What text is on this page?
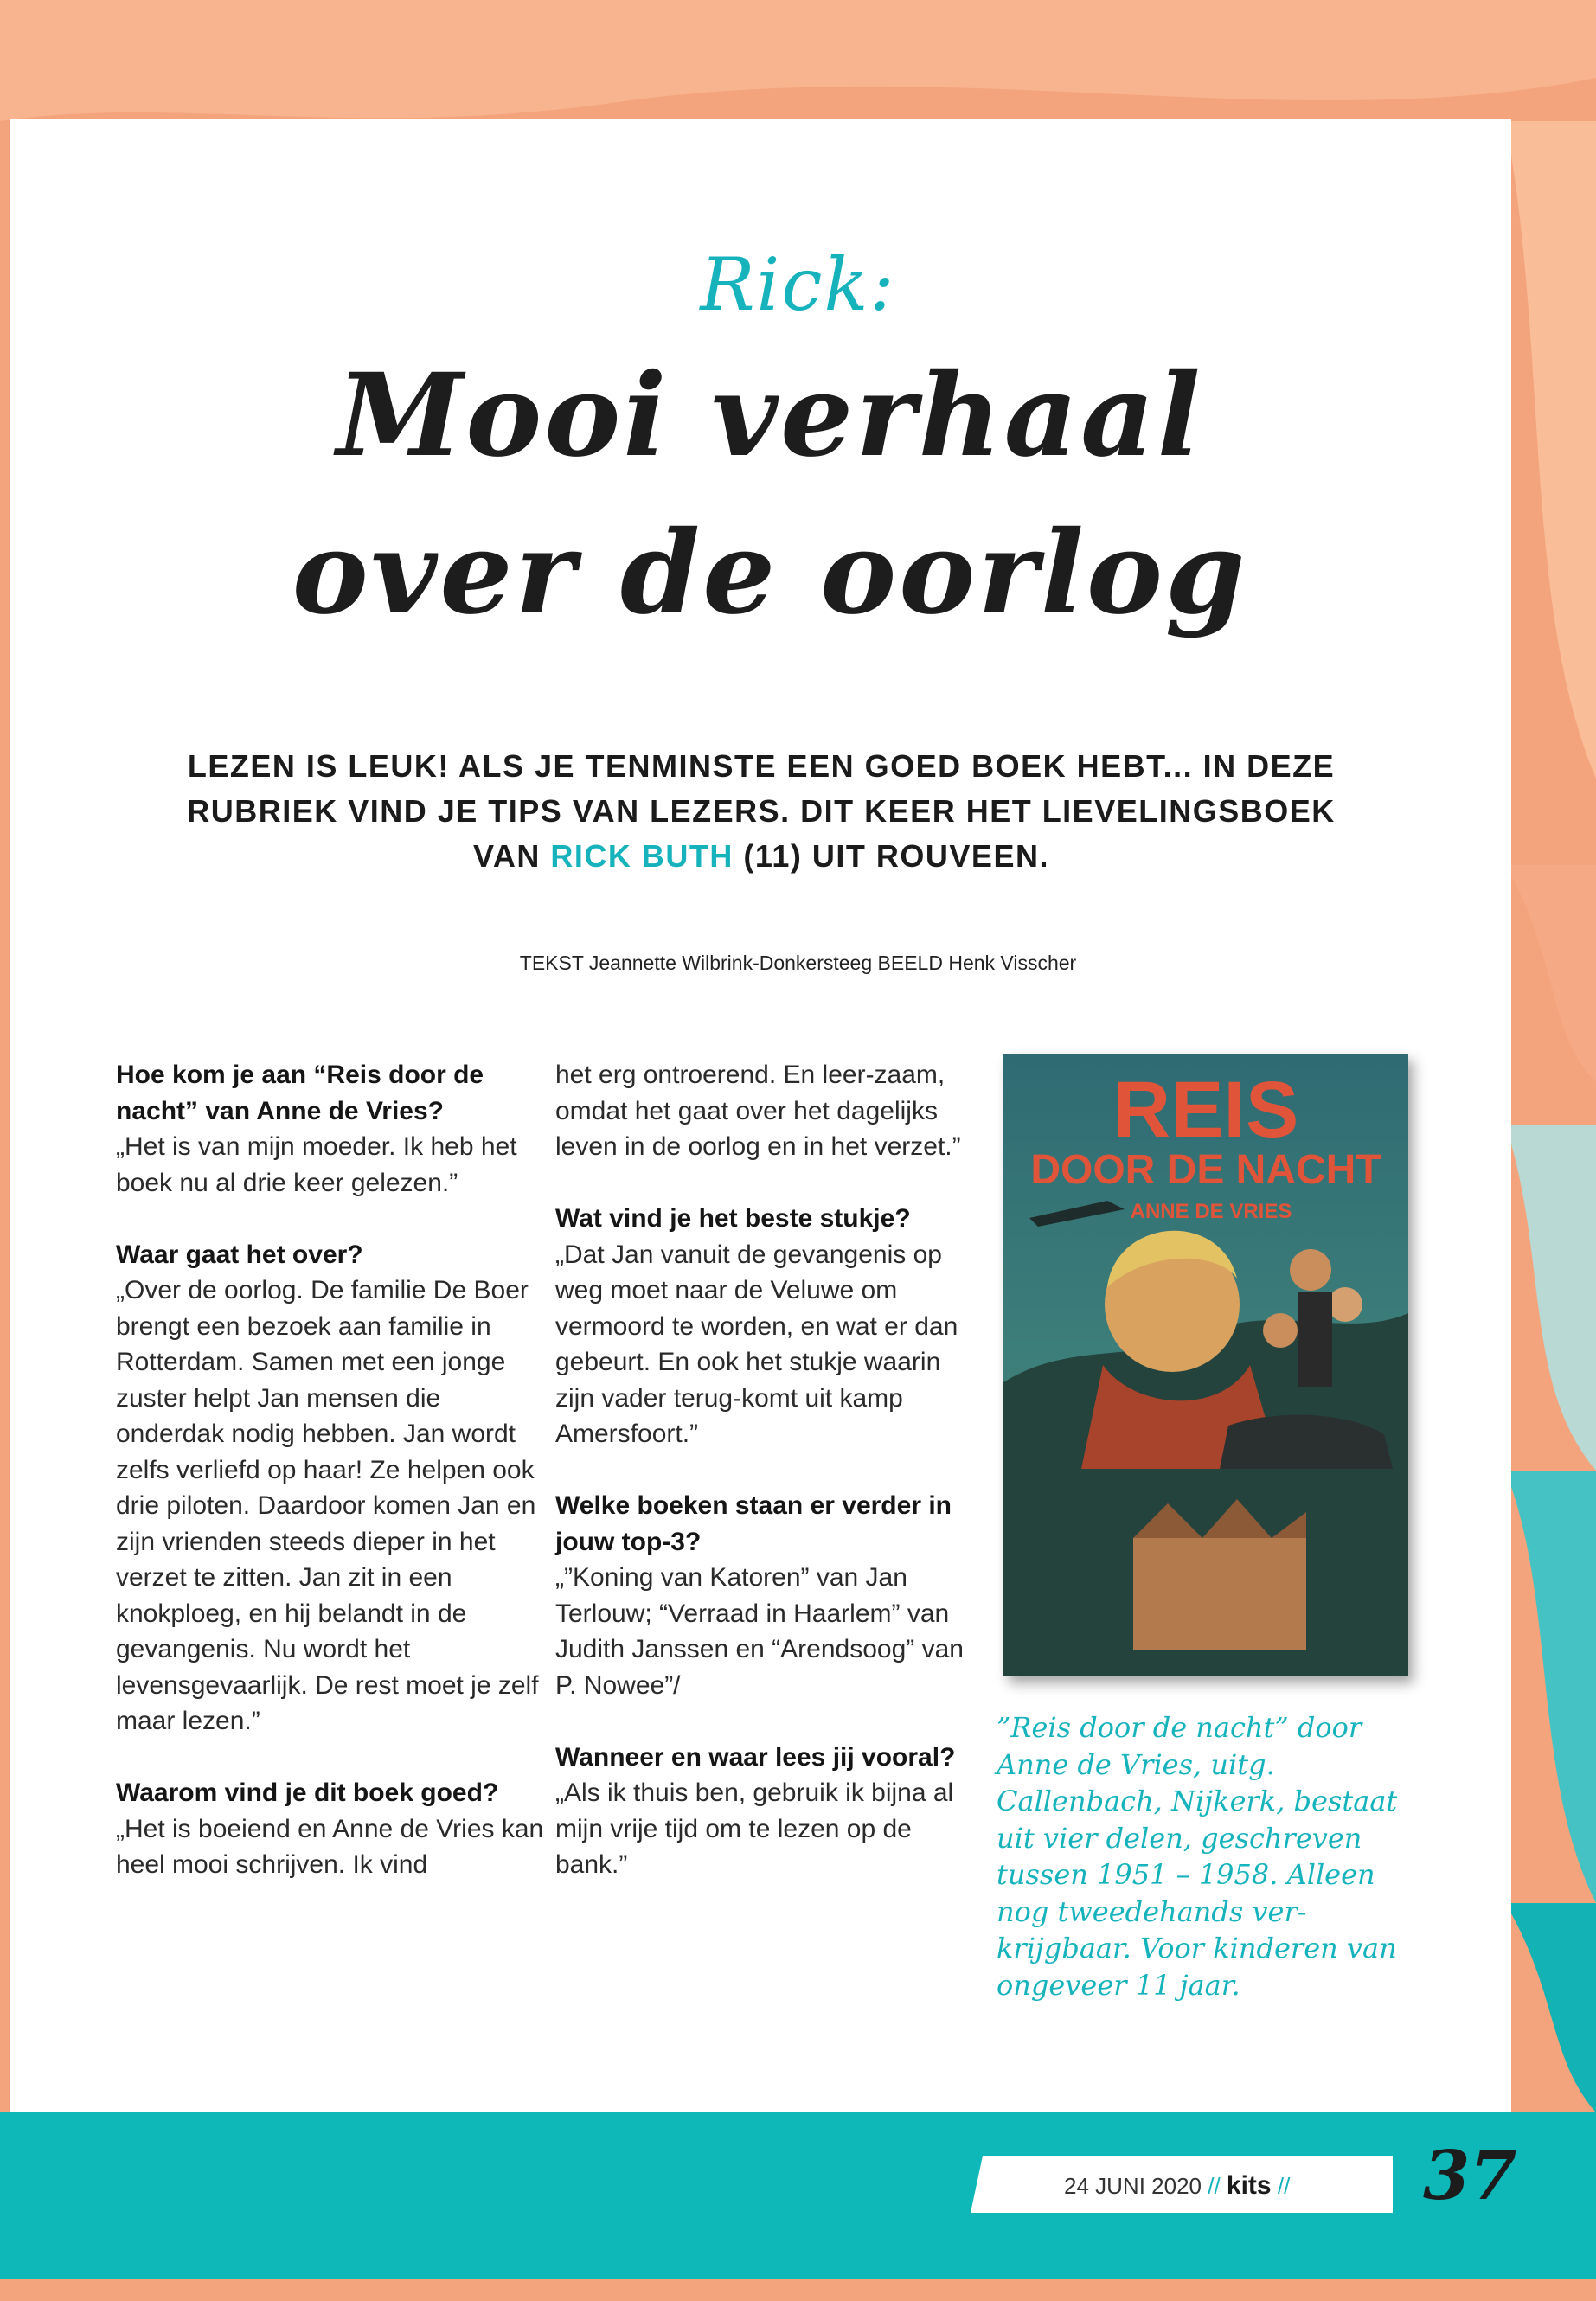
Rick:
Mooi verhaal
over de oorlog
LEZEN IS LEUK! ALS JE TENMINSTE EEN GOED BOEK HEBT... IN DEZE RUBRIEK VIND JE TIPS VAN LEZERS. DIT KEER HET LIEVELINGSBOEK VAN RICK BUTH (11) UIT ROUVEEN.
TEKST Jeannette Wilbrink-Donkersteeg BEELD Henk Visscher

Hoe kom je aan “Reis door de nacht” van Anne de Vries?
„Het is van mijn moeder. Ik heb het boek nu al drie keer gelezen.”

Waar gaat het over?
„Over de oorlog. De familie De Boer brengt een bezoek aan familie in Rotterdam. Samen met een jonge zuster helpt Jan mensen die onderdak nodig hebben. Jan wordt zelfs verliefd op haar! Ze helpen ook drie piloten. Daardoor komen Jan en zijn vrienden steeds dieper in het verzet te zitten. Jan zit in een knokploeg, en hij belandt in de gevangenis. Nu wordt het levensgevaarlijk. De rest moet je zelf maar lezen.”

Waarom vind je dit boek goed?
„Het is boeiend en Anne de Vries kan heel mooi schrijven. Ik vind

het erg ontroerend. En leer-zaam, omdat het gaat over het dagelijks leven in de oorlog en in het verzet.”

Wat vind je het beste stukje?
„Dat Jan vanuit de gevangenis op weg moet naar de Veluwe om vermoord te worden, en wat er dan gebeurt. En ook het stukje waarin zijn vader terug-komt uit kamp Amersfoort.”

Welke boeken staan er verder in jouw top-3?
„”Koning van Katoren” van Jan Terlouw; “Verraad in Haarlem” van Judith Janssen en “Arendsoog” van P. Nowee”/

Wanneer en waar lees jij vooral?
„Als ik thuis ben, gebruik ik bijna al mijn vrije tijd om te lezen op de bank.”

REIS
DOOR DE NACHT
ANNE DE VRIES
”Reis door de nacht” door Anne de Vries, uitg. Callenbach, Nijkerk, bestaat uit vier delen, geschreven tussen 1951 – 1958. Alleen nog tweedehands ver-krijgbaar. Voor kinderen van ongeveer 11 jaar.
24 JUNI 2020 // kits //	37
